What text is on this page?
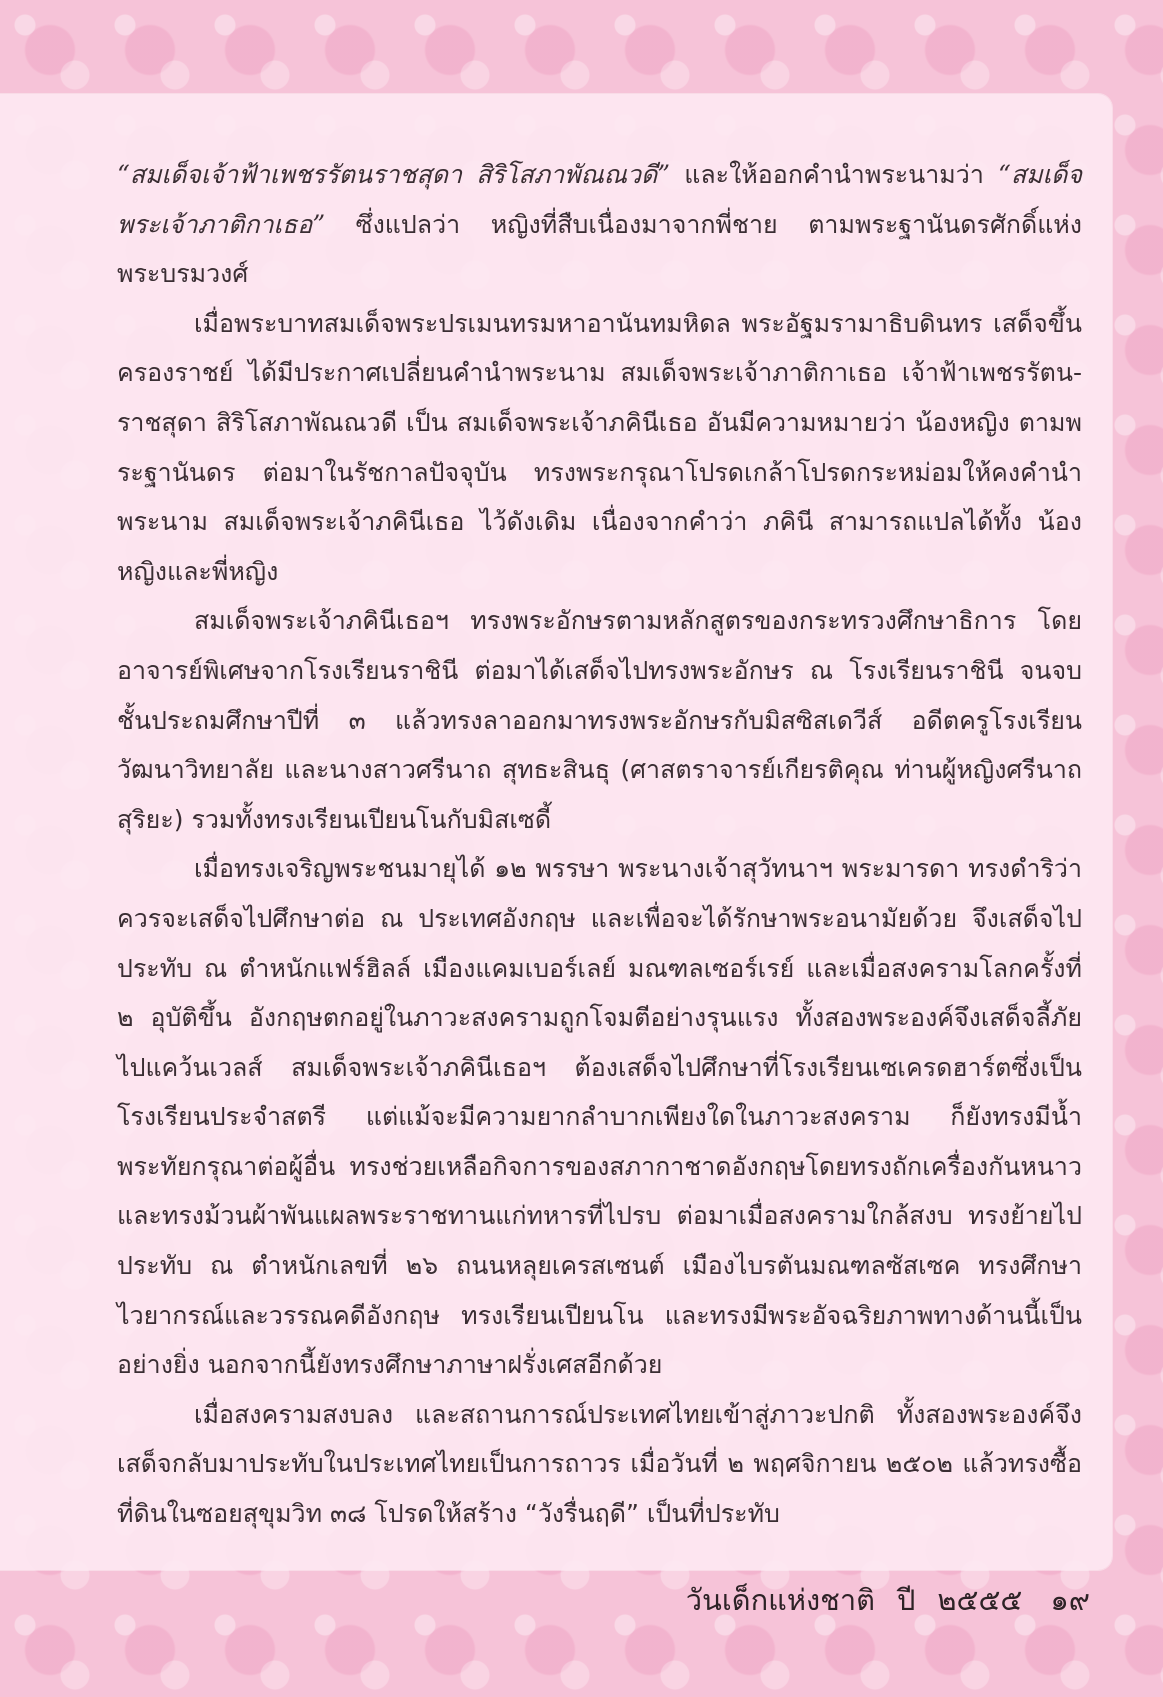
“สมเด็จเจ้าฟ้าเพชรรัตนราชสุดา สิริโสภาพัณณวดี” และให้ออกคำนำพระนามว่า “สมเด็จพระเจ้าภาติกาเธอ” ซึ่งแปลว่า หญิงที่สืบเนื่องมาจากพี่ชาย ตามพระฐานันดรศักดิ์แห่งพระบรมวงศ์

เมื่อพระบาทสมเด็จพระปรเมนทรมหาอานันทมหิดล พระอัฐมรามาธิบดินทร เสด็จขึ้นครองราชย์ ได้มีประกาศเปลี่ยนคำนำพระนาม สมเด็จพระเจ้าภาติกาเธอ เจ้าฟ้าเพชรรัตน-ราชสุดา สิริโสภาพัณณวดี เป็น สมเด็จพระเจ้าภคินีเธอ อันมีความหมายว่า น้องหญิง ตามพระฐานันดร ต่อมาในรัชกาลปัจจุบัน ทรงพระกรุณาโปรดเกล้าโปรดกระหม่อมให้คงคำนำพระนาม สมเด็จพระเจ้าภคินีเธอ ไว้ดังเดิม เนื่องจากคำว่า ภคินี สามารถแปลได้ทั้ง น้องหญิงและพี่หญิง

สมเด็จพระเจ้าภคินีเธอฯ ทรงพระอักษรตามหลักสูตรของกระทรวงศึกษาธิการ โดยอาจารย์พิเศษจากโรงเรียนราชินี ต่อมาได้เสด็จไปทรงพระอักษร ณ โรงเรียนราชินี จนจบชั้นประถมศึกษาปีที่ ๓ แล้วทรงลาออกมาทรงพระอักษรกับมิสซิสเดวีส์ อดีตครูโรงเรียนวัฒนาวิทยาลัย และนางสาวศรีนาถ สุทธะสินธุ (ศาสตราจารย์เกียรติคุณ ท่านผู้หญิงศรีนาถ สุริยะ) รวมทั้งทรงเรียนเปียนโนกับมิสเซดี้

เมื่อทรงเจริญพระชนมายุได้ ๑๒ พรรษา พระนางเจ้าสุวัทนาฯ พระมารดา ทรงดำริว่าควรจะเสด็จไปศึกษาต่อ ณ ประเทศอังกฤษ และเพื่อจะได้รักษาพระอนามัยด้วย จึงเสด็จไปประทับ ณ ตำหนักแฟร์ฮิลล์ เมืองแคมเบอร์เลย์ มณฑลเซอร์เรย์ และเมื่อสงครามโลกครั้งที่ ๒ อุบัติขึ้น อังกฤษตกอยู่ในภาวะสงครามถูกโจมตีอย่างรุนแรง ทั้งสองพระองค์จึงเสด็จลี้ภัยไปแคว้นเวลส์ สมเด็จพระเจ้าภคินีเธอฯ ต้องเสด็จไปศึกษาที่โรงเรียนเซเครดฮาร์ตซึ่งเป็นโรงเรียนประจำสตรี แต่แม้จะมีความยากลำบากเพียงใดในภาวะสงคราม ก็ยังทรงมีน้ำพระทัยกรุณาต่อผู้อื่น ทรงช่วยเหลือกิจการของสภากาชาดอังกฤษโดยทรงถักเครื่องกันหนาวและทรงม้วนผ้าพันแผลพระราชทานแก่ทหารที่ไปรบ ต่อมาเมื่อสงครามใกล้สงบ ทรงย้ายไปประทับ ณ ตำหนักเลขที่ ๒๖ ถนนหลุยเครสเซนต์ เมืองไบรตันมณฑลซัสเซค ทรงศึกษาไวยากรณ์และวรรณคดีอังกฤษ ทรงเรียนเปียนโน และทรงมีพระอัจฉริยภาพทางด้านนี้เป็นอย่างยิ่ง นอกจากนี้ยังทรงศึกษาภาษาฝรั่งเศสอีกด้วย

เมื่อสงครามสงบลง และสถานการณ์ประเทศไทยเข้าสู่ภาวะปกติ ทั้งสองพระองค์จึงเสด็จกลับมาประทับในประเทศไทยเป็นการถาวร เมื่อวันที่ ๒ พฤศจิกายน ๒๕๐๒ แล้วทรงซื้อที่ดินในซอยสุขุมวิท ๓๘ โปรดให้สร้าง “วังรื่นฤดี” เป็นที่ประทับ

วันเด็กแห่งชาติ ปี ๒๕๕๕ ๑๙
